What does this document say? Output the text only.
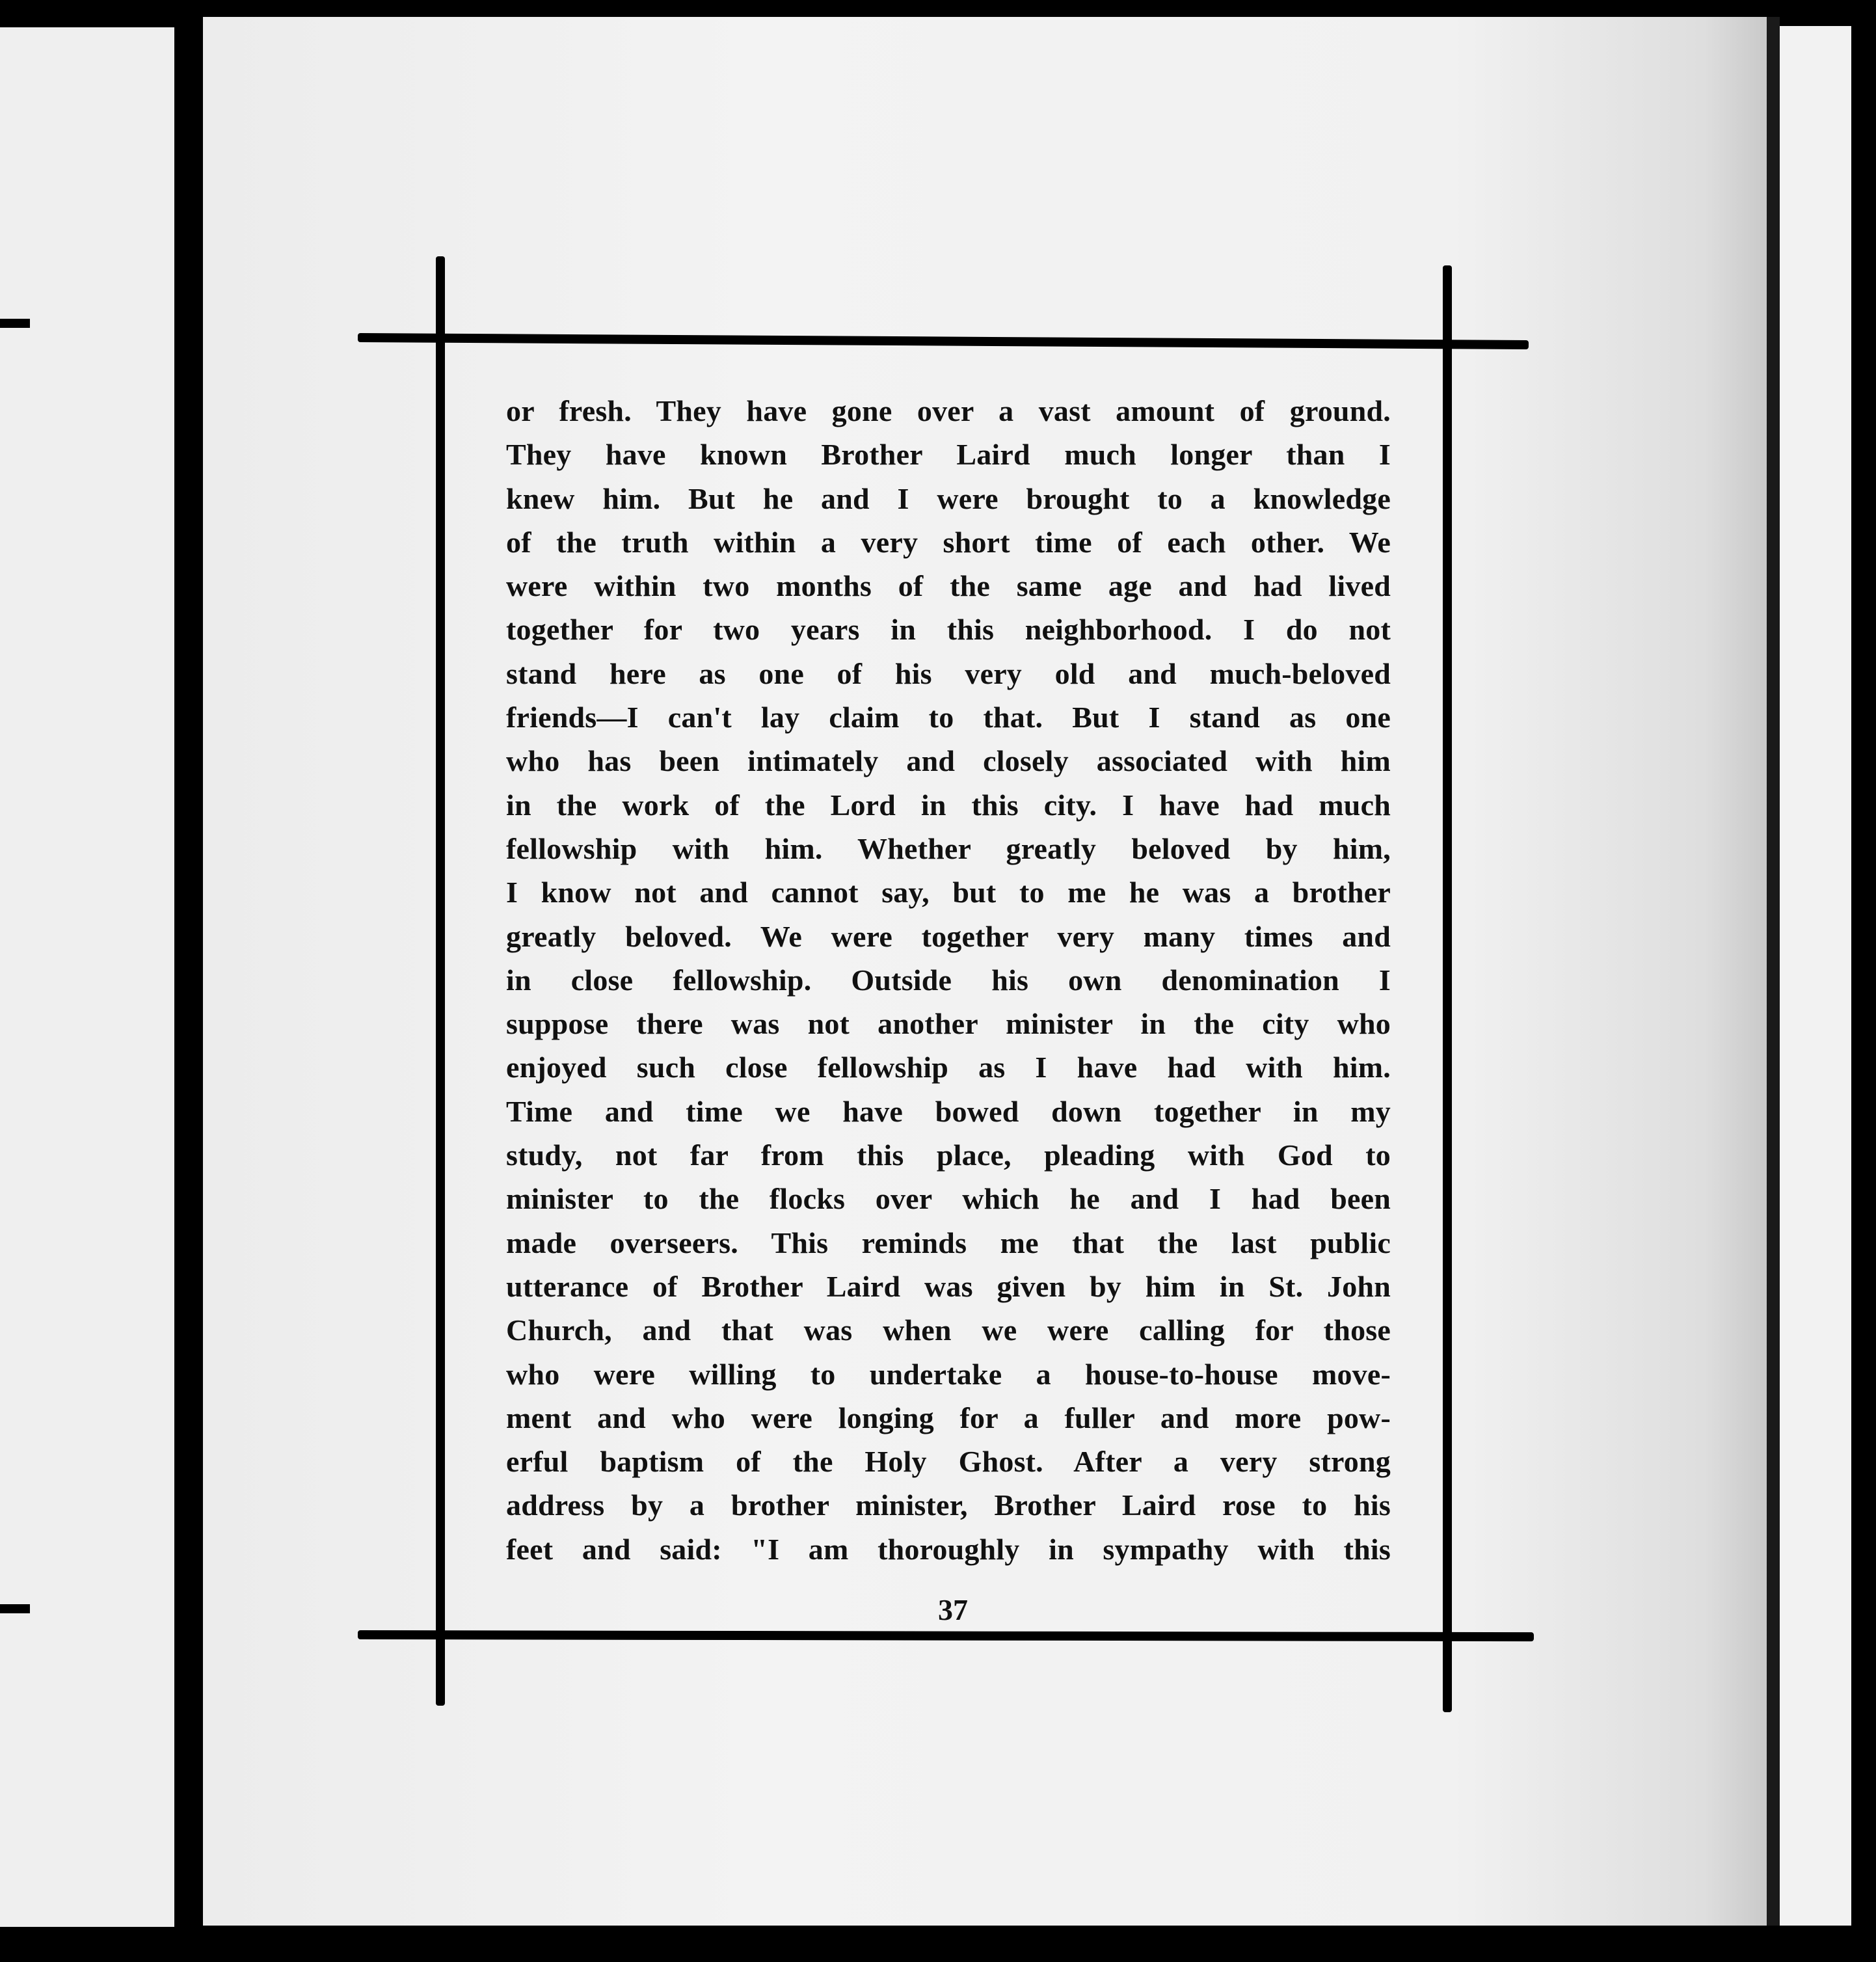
or fresh. They have gone over a vast amount of ground.
They have known Brother Laird much longer than I
knew him. But he and I were brought to a knowledge
of the truth within a very short time of each other. We
were within two months of the same age and had lived
together for two years in this neighborhood. I do not
stand here as one of his very old and much-beloved
friends—I can't lay claim to that. But I stand as one
who has been intimately and closely associated with him
in the work of the Lord in this city. I have had much
fellowship with him. Whether greatly beloved by him,
I know not and cannot say, but to me he was a brother
greatly beloved. We were together very many times and
in close fellowship. Outside his own denomination I
suppose there was not another minister in the city who
enjoyed such close fellowship as I have had with him.
Time and time we have bowed down together in my
study, not far from this place, pleading with God to
minister to the flocks over which he and I had been
made overseers. This reminds me that the last public
utterance of Brother Laird was given by him in St. John
Church, and that was when we were calling for those
who were willing to undertake a house-to-house move-
ment and who were longing for a fuller and more pow-
erful baptism of the Holy Ghost. After a very strong
address by a brother minister, Brother Laird rose to his
feet and said: "I am thoroughly in sympathy with this
37
